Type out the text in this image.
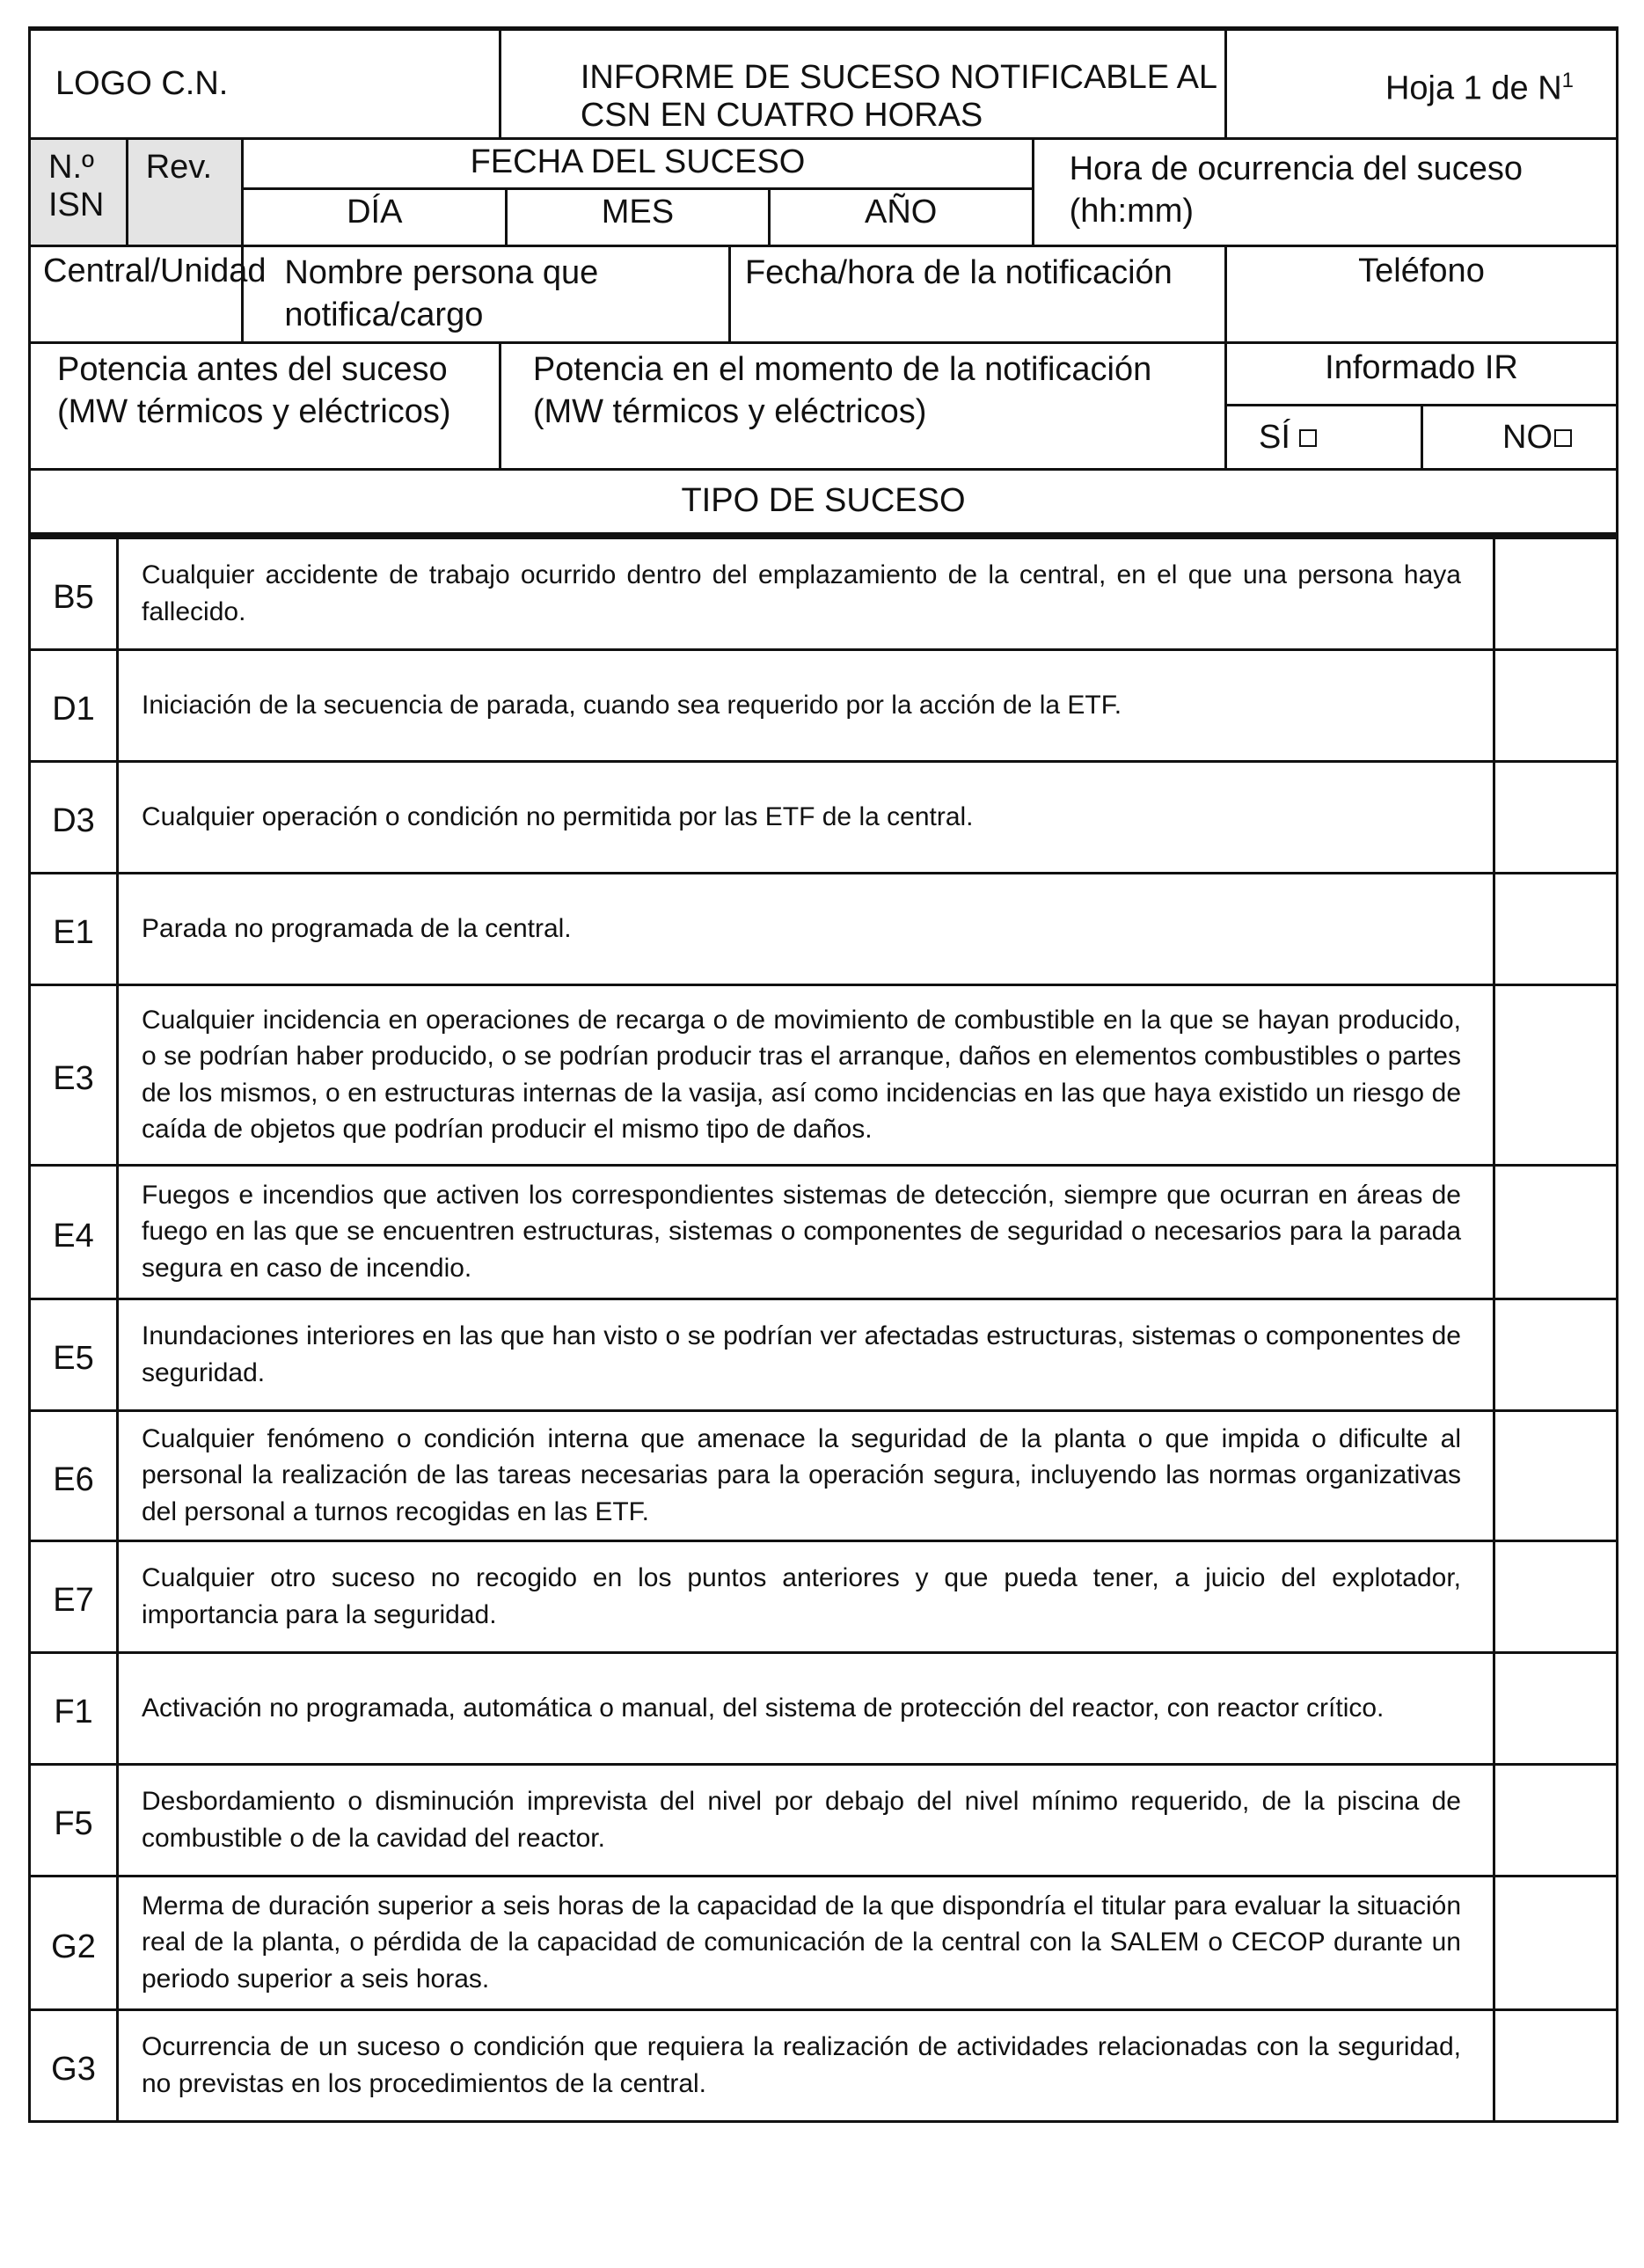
LOGO C.N.	INFORME DE SUCESO NOTIFICABLE AL CSN EN CUATRO HORAS	Hoja 1 de $N^1$
N.º ISN	Rev.		FECHA DEL SUCESO
DÍA	MES	AÑO
	Hora de ocurrencia del suceso (hh:mm)
Central/Unidad	Nombre persona que notifica/cargo	Fecha/hora de la notificación	Teléfono
Potencia antes del suceso (MW térmicos y eléctricos)	Potencia en el momento de la notificación (MW térmicos y eléctricos)	
Informado IR
SÍ	NO
TIPO DE SUCESO
B5	Cualquier accidente de trabajo ocurrido dentro del emplazamiento de la central, en el que una persona haya fallecido.	
D1	Iniciación de la secuencia de parada, cuando sea requerido por la acción de la ETF.	
D3	Cualquier operación o condición no permitida por las ETF de la central.	
E1	Parada no programada de la central.	
E3	Cualquier incidencia en operaciones de recarga o de movimiento de combustible en la que se hayan producido, o se podrían haber producido, o se podrían producir tras el arranque, daños en elementos combustibles o partes de los mismos, o en estructuras internas de la vasija, así como incidencias en las que haya existido un riesgo de caída de objetos que podrían producir el mismo tipo de daños.	
E4	Fuegos e incendios que activen los correspondientes sistemas de detección, siempre que ocurran en áreas de fuego en las que se encuentren estructuras, sistemas o componentes de seguridad o necesarios para la parada segura en caso de incendio.	
E5	Inundaciones interiores en las que han visto o se podrían ver afectadas estructuras, sistemas o componentes de seguridad.	
E6	Cualquier fenómeno o condición interna que amenace la seguridad de la planta o que impida o dificulte al personal la realización de las tareas necesarias para la operación segura, incluyendo las normas organizativas del personal a turnos recogidas en las ETF.	
E7	Cualquier otro suceso no recogido en los puntos anteriores y que pueda tener, a juicio del explotador, importancia para la seguridad.	
F1	Activación no programada, automática o manual, del sistema de protección del reactor, con reactor crítico.	
F5	Desbordamiento o disminución imprevista del nivel por debajo del nivel mínimo requerido, de la piscina de combustible o de la cavidad del reactor.	
G2	Merma de duración superior a seis horas de la capacidad de la que dispondría el titular para evaluar la situación real de la planta, o pérdida de la capacidad de comunicación de la central con la SALEM o CECOP durante un periodo superior a seis horas.	
G3	Ocurrencia de un suceso o condición que requiera la realización de actividades relacionadas con la seguridad, no previstas en los procedimientos de la central.	
